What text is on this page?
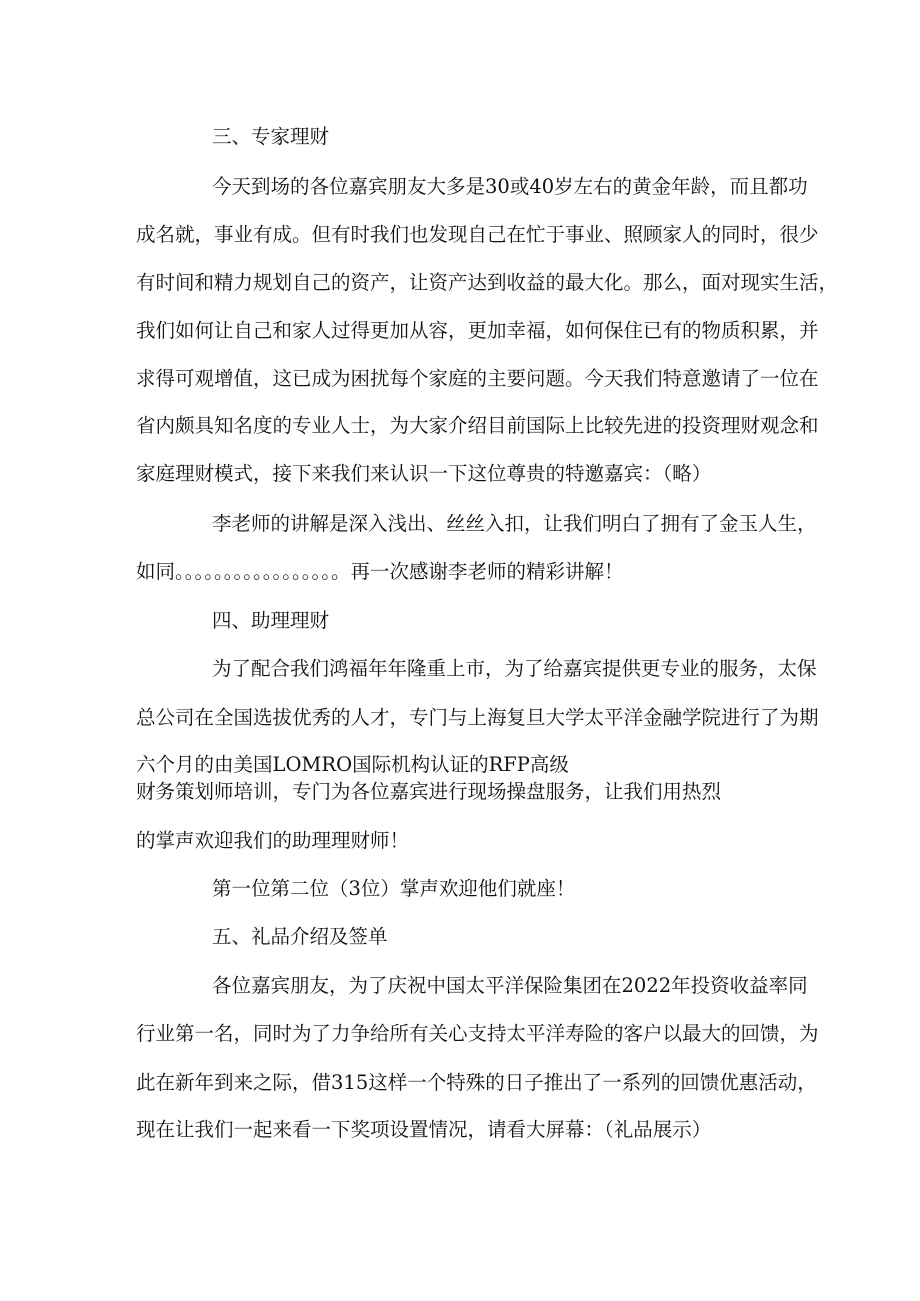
三、专家理财
今天到场的各位嘉宾朋友大多是30或40岁左右的黄金年龄，而且都功
成名就，事业有成。但有时我们也发现自己在忙于事业、照顾家人的同时，很少
有时间和精力规划自己的资产，让资产达到收益的最大化。那么，面对现实生活，
我们如何让自己和家人过得更加从容，更加幸福，如何保住已有的物质积累，并
求得可观增值，这已成为困扰每个家庭的主要问题。今天我们特意邀请了一位在
省内颇具知名度的专业人士，为大家介绍目前国际上比较先进的投资理财观念和
家庭理财模式，接下来我们来认识一下这位尊贵的特邀嘉宾：（略）
李老师的讲解是深入浅出、丝丝入扣，让我们明白了拥有了金玉人生，
如同。。。。。。。。。。。。。。。。。再一次感谢李老师的精彩讲解！
四、助理理财
为了配合我们鸿福年年隆重上市，为了给嘉宾提供更专业的服务，太保
总公司在全国选拔优秀的人才，专门与上海复旦大学太平洋金融学院进行了为期
六个月的由美国LOMRO国际机构认证的RFP高级
财务策划师培训，专门为各位嘉宾进行现场操盘服务，让我们用热烈
的掌声欢迎我们的助理理财师！
第一位第二位（3位）掌声欢迎他们就座！
五、礼品介绍及签单
各位嘉宾朋友，为了庆祝中国太平洋保险集团在2022年投资收益率同
行业第一名，同时为了力争给所有关心支持太平洋寿险的客户以最大的回馈，为
此在新年到来之际，借315这样一个特殊的日子推出了一系列的回馈优惠活动，
现在让我们一起来看一下奖项设置情况，请看大屏幕：（礼品展示）
